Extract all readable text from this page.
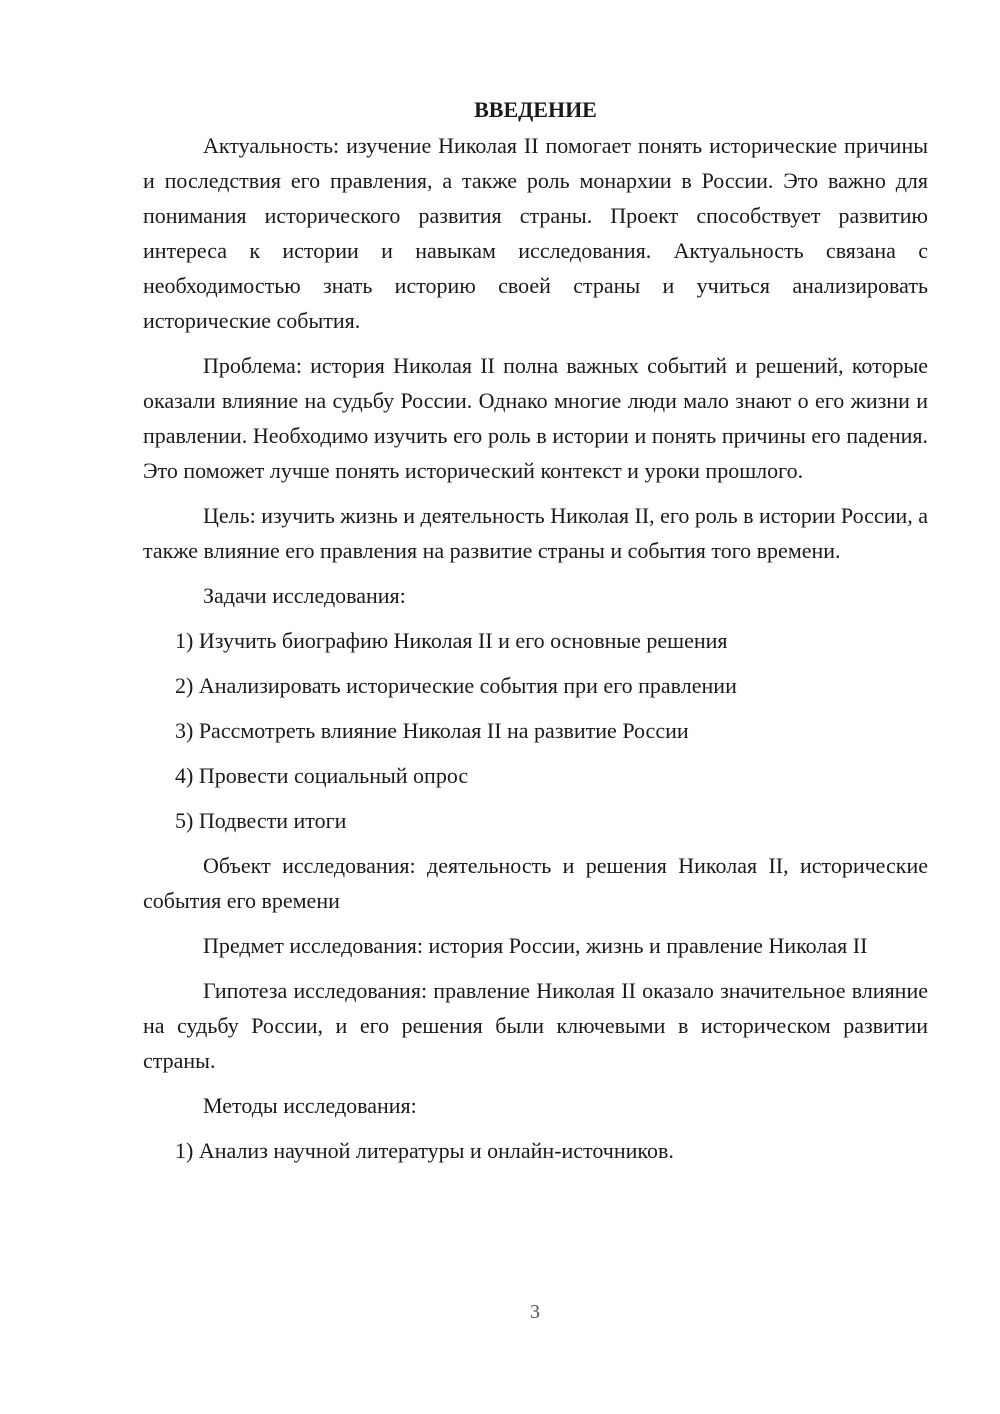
ВВЕДЕНИЕ

Актуальность: изучение Николая II помогает понять исторические причины и последствия его правления, а также роль монархии в России. Это важно для понимания исторического развития страны. Проект способствует развитию интереса к истории и навыкам исследования. Актуальность связана с необходимостью знать историю своей страны и учиться анализировать исторические события.

Проблема: история Николая II полна важных событий и решений, которые оказали влияние на судьбу России. Однако многие люди мало знают о его жизни и правлении. Необходимо изучить его роль в истории и понять причины его падения. Это поможет лучше понять исторический контекст и уроки прошлого.

Цель: изучить жизнь и деятельность Николая II, его роль в истории России, а также влияние его правления на развитие страны и события того времени.

Задачи исследования:

1) Изучить биографию Николая II и его основные решения
2) Анализировать исторические события при его правлении
3) Рассмотреть влияние Николая II на развитие России
4) Провести социальный опрос
5) Подвести итоги

Объект исследования: деятельность и решения Николая II, исторические события его времени

Предмет исследования: история России, жизнь и правление Николая II

Гипотеза исследования: правление Николая II оказало значительное влияние на судьбу России, и его решения были ключевыми в историческом развитии страны.

Методы исследования:

1) Анализ научной литературы и онлайн-источников.
3
